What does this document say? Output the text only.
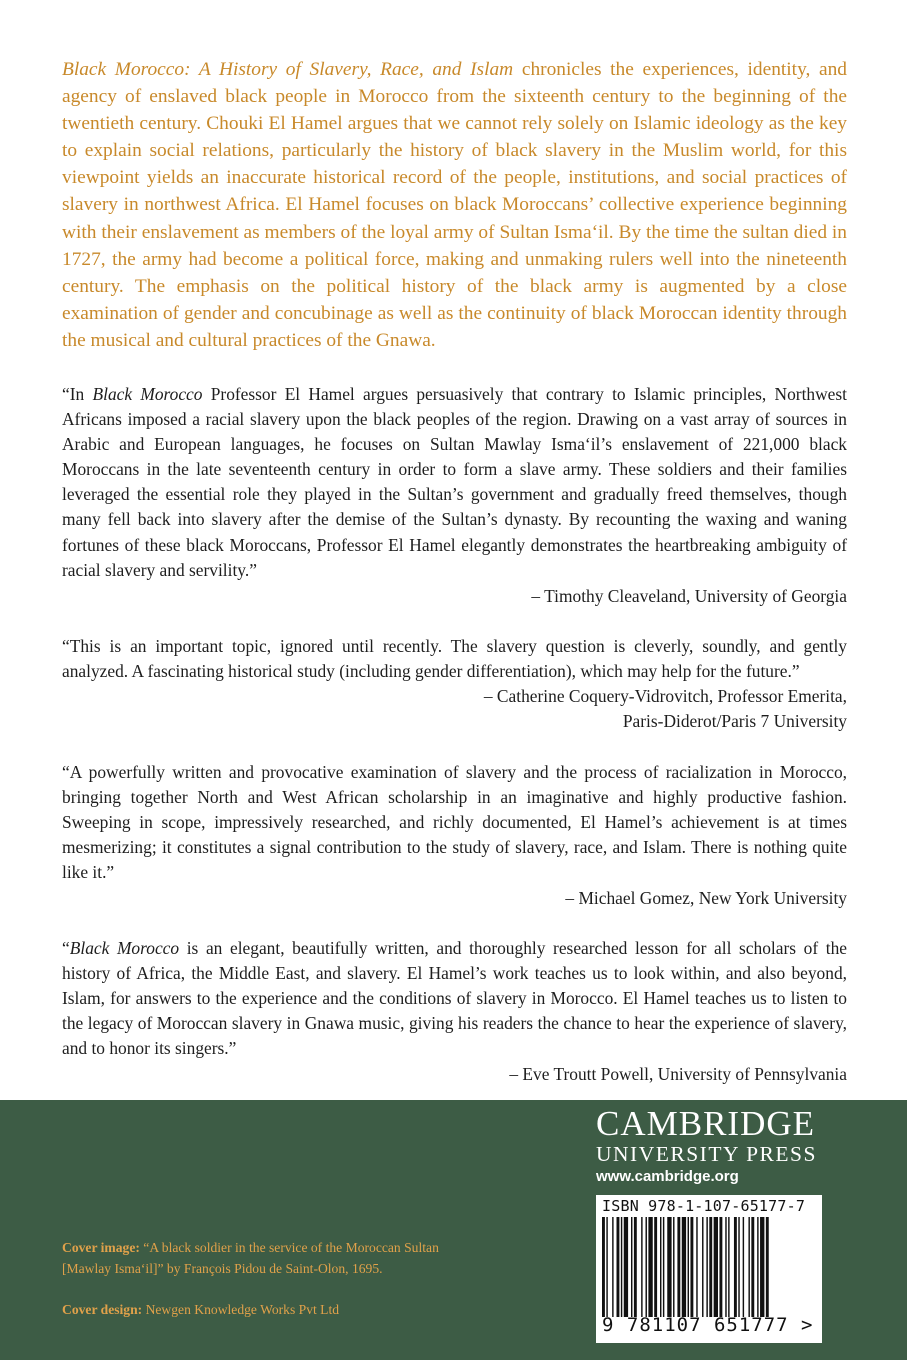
Black Morocco: A History of Slavery, Race, and Islam chronicles the experiences, identity, and agency of enslaved black people in Morocco from the sixteenth century to the beginning of the twentieth century. Chouki El Hamel argues that we cannot rely solely on Islamic ideology as the key to explain social relations, particularly the history of black slavery in the Muslim world, for this viewpoint yields an inaccurate historical record of the people, institutions, and social practices of slavery in northwest Africa. El Hamel focuses on black Moroccans’ collective experience beginning with their enslavement as members of the loyal army of Sultan Isma‘il. By the time the sultan died in 1727, the army had become a political force, making and unmaking rulers well into the nineteenth century. The emphasis on the political history of the black army is augmented by a close examination of gender and concubinage as well as the continuity of black Moroccan identity through the musical and cultural practices of the Gnawa.

“In Black Morocco Professor El Hamel argues persuasively that contrary to Islamic principles, Northwest Africans imposed a racial slavery upon the black peoples of the region. Drawing on a vast array of sources in Arabic and European languages, he focuses on Sultan Mawlay Isma‘il’s enslavement of 221,000 black Moroccans in the late seventeenth century in order to form a slave army. These soldiers and their families leveraged the essential role they played in the Sultan’s government and gradually freed themselves, though many fell back into slavery after the demise of the Sultan’s dynasty. By recounting the waxing and waning fortunes of these black Moroccans, Professor El Hamel elegantly demonstrates the heartbreaking ambiguity of racial slavery and servility.”

– Timothy Cleaveland, University of Georgia

“This is an important topic, ignored until recently. The slavery question is cleverly, soundly, and gently analyzed. A fascinating historical study (including gender differentiation), which may help for the future.”

– Catherine Coquery-Vidrovitch, Professor Emerita,
Paris-Diderot/Paris 7 University

“A powerfully written and provocative examination of slavery and the process of racialization in Morocco, bringing together North and West African scholarship in an imaginative and highly productive fashion. Sweeping in scope, impressively researched, and richly documented, El Hamel’s achievement is at times mesmerizing; it constitutes a signal contribution to the study of slavery, race, and Islam. There is nothing quite like it.”

– Michael Gomez, New York University

“Black Morocco is an elegant, beautifully written, and thoroughly researched lesson for all scholars of the history of Africa, the Middle East, and slavery. El Hamel’s work teaches us to look within, and also beyond, Islam, for answers to the experience and the conditions of slavery in Morocco. El Hamel teaches us to listen to the legacy of Moroccan slavery in Gnawa music, giving his readers the chance to hear the experience of slavery, and to honor its singers.”

– Eve Troutt Powell, University of Pennsylvania
CAMBRIDGE
UNIVERSITY PRESS
www.cambridge.org
ISBN 978-1-107-65177-7
9 781107 651777 >
Cover image: “A black soldier in the service of the Moroccan Sultan
[Mawlay Isma‘il]” by François Pidou de Saint-Olon, 1695.
Cover design: Newgen Knowledge Works Pvt Ltd
